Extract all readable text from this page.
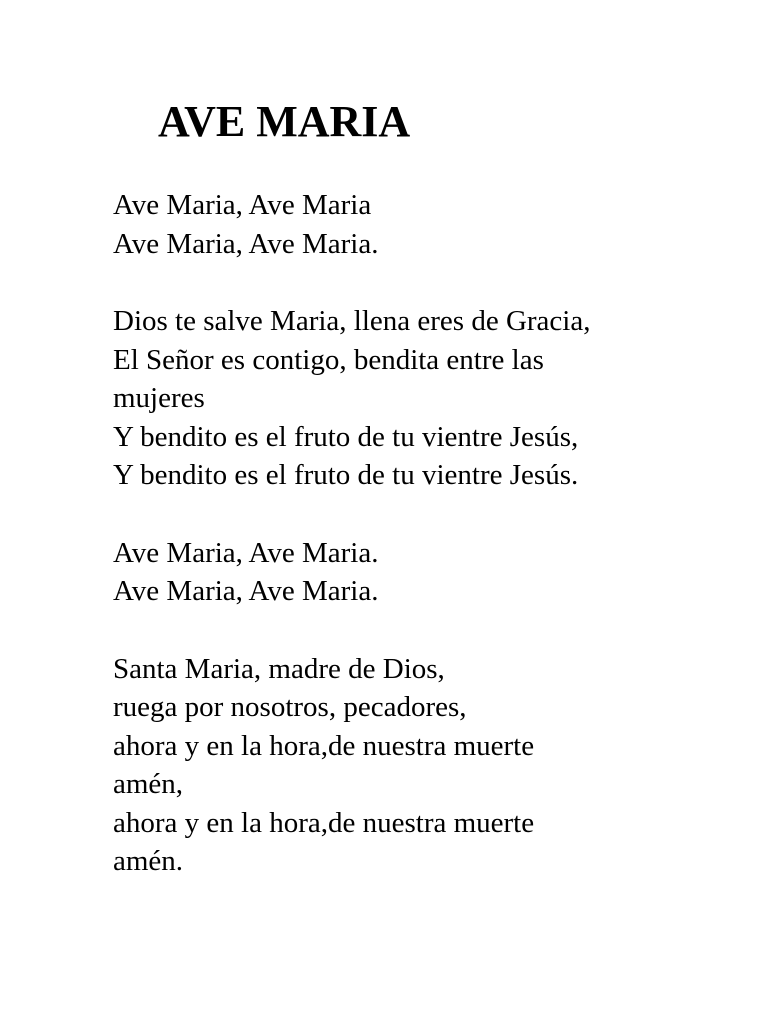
AVE MARIA
Ave Maria, Ave Maria
Ave Maria, Ave Maria.
Dios te salve Maria, llena eres de Gracia,
El Señor es contigo, bendita entre las
mujeres
Y bendito es el fruto de tu vientre Jesús,
Y bendito es el fruto de tu vientre Jesús.
Ave Maria, Ave Maria.
Ave Maria, Ave Maria.
Santa Maria, madre de Dios,
ruega por nosotros, pecadores,
ahora y en la hora,de nuestra muerte
amén,
ahora y en la hora,de nuestra muerte
amén.
